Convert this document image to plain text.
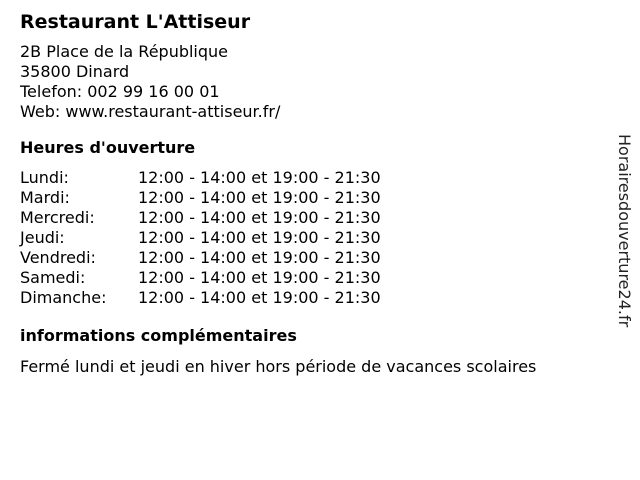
Restaurant L'Attiseur
2B Place de la République
35800 Dinard
Telefon: 002 99 16 00 01
Web: www.restaurant-attiseur.fr/
Heures d'ouverture
Lundi:	12:00 - 14:00 et 19:00 - 21:30
Mardi:	12:00 - 14:00 et 19:00 - 21:30
Mercredi:	12:00 - 14:00 et 19:00 - 21:30
Jeudi:	12:00 - 14:00 et 19:00 - 21:30
Vendredi:	12:00 - 14:00 et 19:00 - 21:30
Samedi:	12:00 - 14:00 et 19:00 - 21:30
Dimanche:	12:00 - 14:00 et 19:00 - 21:30
informations complémentaires
Fermé lundi et jeudi en hiver hors période de vacances scolaires
Horairesdouverture24.fr
